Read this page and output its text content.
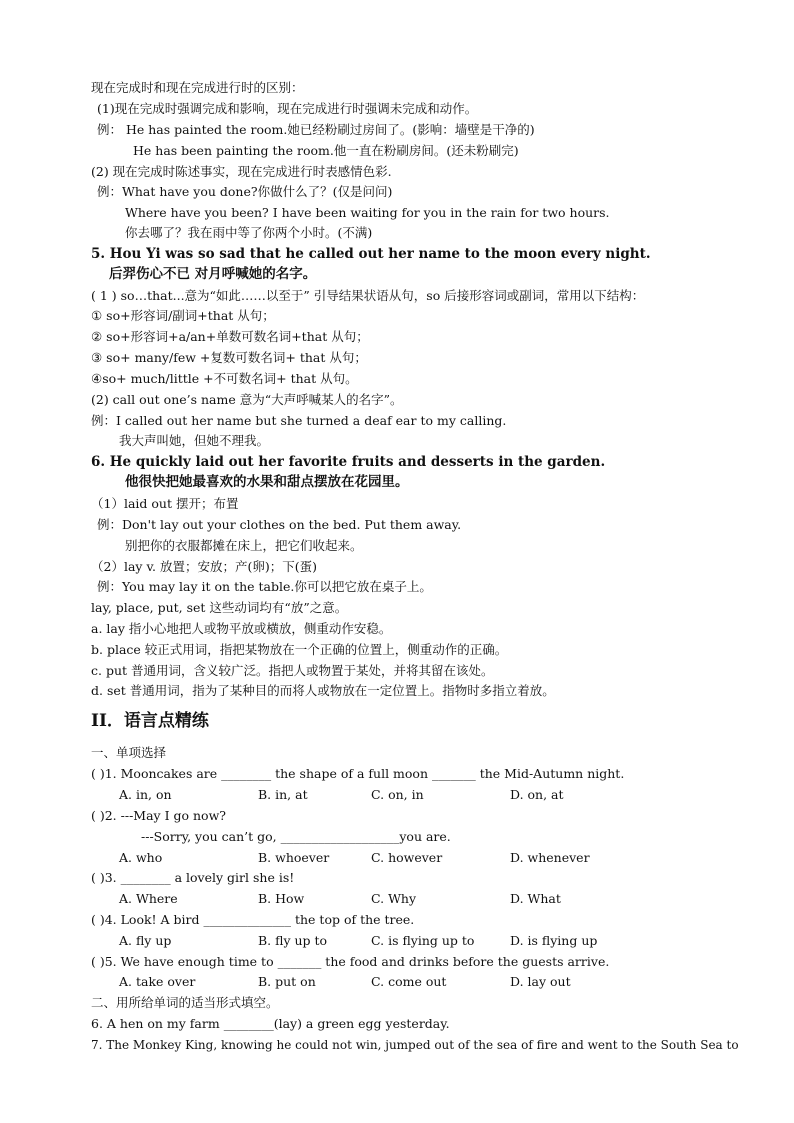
现在完成时和现在完成进行时的区别：
(1)现在完成时强调完成和影响，现在完成进行时强调未完成和动作。
例： He has painted the room.她已经粉刷过房间了。(影响：墙壁是干净的)
He has been painting the room.他一直在粉刷房间。(还未粉刷完)
(2) 现在完成时陈述事实，现在完成进行时表感情色彩.
例：What have you done?你做什么了？(仅是问问)
Where have you been? I have been waiting for you in the rain for two hours.
你去哪了？我在雨中等了你两个小时。(不满)
5. Hou Yi was so sad that he called out her name to the moon every night.
后羿伤心不已 对月呼喊她的名字。
( 1 ) so…that...意为“如此……以至于” 引导结果状语从句，so 后接形容词或副词，常用以下结构：
① so+形容词/副词+that 从句；
② so+形容词+a/an+单数可数名词+that 从句；
③ so+ many/few +复数可数名词+ that 从句；
④so+ much/little +不可数名词+ that 从句。
(2) call out one’s name 意为“大声呼喊某人的名字”。
例：I called out her name but she turned a deaf ear to my calling.
我大声叫她，但她不理我。
6. He quickly laid out her favorite fruits and desserts in the garden.
他很快把她最喜欢的水果和甜点摆放在花园里。
（1）laid out 摆开；布置
例：Don't lay out your clothes on the bed. Put them away.
别把你的衣服都摊在床上，把它们收起来。
（2）lay v. 放置；安放；产(卵)；下(蛋)
例：You may lay it on the table.你可以把它放在桌子上。
lay, place, put, set 这些动词均有“放”之意。
a. lay 指小心地把人或物平放或横放，侧重动作安稳。
b. place 较正式用词，指把某物放在一个正确的位置上，侧重动作的正确。
c. put 普通用词，含义较广泛。指把人或物置于某处，并将其留在该处。
d. set 普通用词，指为了某种目的而将人或物放在一定位置上。指物时多指立着放。
II．语言点精练
一、单项选择
( )1. Mooncakes are ________ the shape of a full moon _______ the Mid-Autumn night.
A. in, on	B. in, at	C. on, in	D. on, at
( )2. ---May I go now?
---Sorry, you can’t go, ___________________you are.
A. who	B. whoever	C. however	D. whenever
( )3. ________ a lovely girl she is!
A. Where	B. How	C. Why	D. What
( )4. Look! A bird ______________ the top of the tree.
A. fly up	B. fly up to	C. is flying up to	D. is flying up
( )5. We have enough time to _______ the food and drinks before the guests arrive.
A. take over	B. put on	C. come out	D. lay out
二、用所给单词的适当形式填空。
6. A hen on my farm ________(lay) a green egg yesterday.
7. The Monkey King, knowing he could not win, jumped out of the sea of fire and went to the South Sea to
